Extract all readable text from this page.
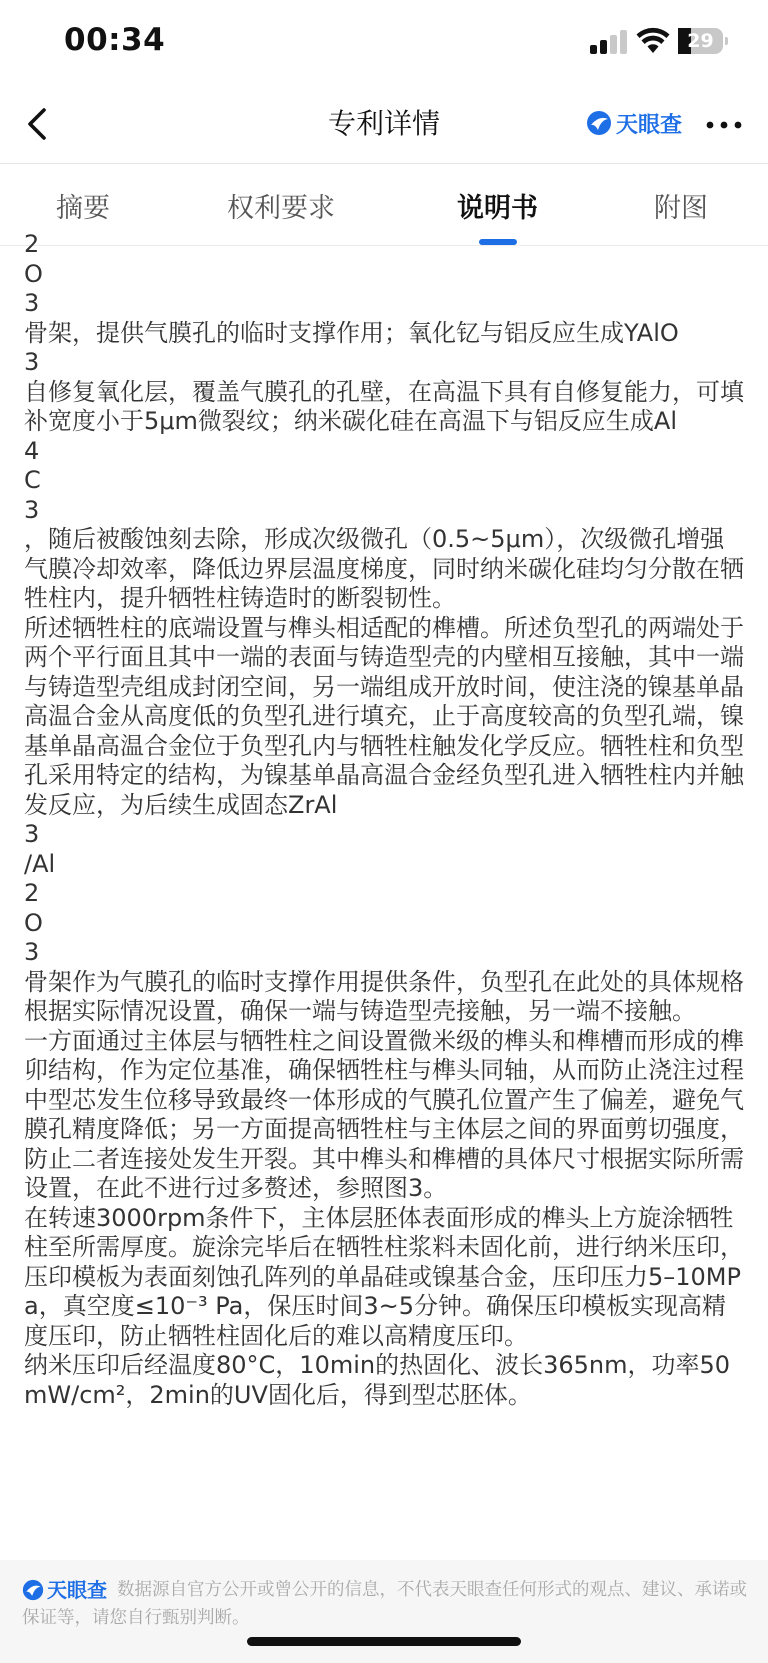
00:34	29
专利详情	天眼查
摘要	权利要求	说明书	附图

2

O

3

骨架，提供气膜孔的临时支撑作用；氧化钇与铝反应生成YAlO

3

自修复氧化层，覆盖气膜孔的孔壁，在高温下具有自修复能力，可填补宽度小于5μm微裂纹；纳米碳化硅在高温下与铝反应生成Al

4

C

3

，随后被酸蚀刻去除，形成次级微孔（0.5~5μm），次级微孔增强气膜冷却效率，降低边界层温度梯度，同时纳米碳化硅均匀分散在牺牲柱内，提升牺牲柱铸造时的断裂韧性。

所述牺牲柱的底端设置与榫头相适配的榫槽。所述负型孔的两端处于两个平行面且其中一端的表面与铸造型壳的内壁相互接触，其中一端与铸造型壳组成封闭空间，另一端组成开放时间，使注浇的镍基单晶高温合金从高度低的负型孔进行填充，止于高度较高的负型孔端，镍基单晶高温合金位于负型孔内与牺牲柱触发化学反应。牺牲柱和负型孔采用特定的结构，为镍基单晶高温合金经负型孔进入牺牲柱内并触发反应，为后续生成固态ZrAl

3

/Al

2

O

3

骨架作为气膜孔的临时支撑作用提供条件，负型孔在此处的具体规格根据实际情况设置，确保一端与铸造型壳接触，另一端不接触。

一方面通过主体层与牺牲柱之间设置微米级的榫头和榫槽而形成的榫卯结构，作为定位基准，确保牺牲柱与榫头同轴，从而防止浇注过程中型芯发生位移导致最终一体形成的气膜孔位置产生了偏差，避免气膜孔精度降低；另一方面提高牺牲柱与主体层之间的界面剪切强度，防止二者连接处发生开裂。其中榫头和榫槽的具体尺寸根据实际所需设置，在此不进行过多赘述，参照图3。

在转速3000rpm条件下，主体层胚体表面形成的榫头上方旋涂牺牲柱至所需厚度。旋涂完毕后在牺牲柱浆料未固化前，进行纳米压印，压印模板为表面刻蚀孔阵列的单晶硅或镍基合金，压印压力5–10MPa，真空度≤10⁻³ Pa，保压时间3~5分钟。确保压印模板实现高精度压印，防止牺牲柱固化后的难以高精度压印。

纳米压印后经温度80°C，10min的热固化、波长365nm，功率50mW/cm²，2min的UV固化后，得到型芯胚体。

天眼查 数据源自官方公开或曾公开的信息，不代表天眼查任何形式的观点、建议、承诺或保证等，请您自行甄别判断。
